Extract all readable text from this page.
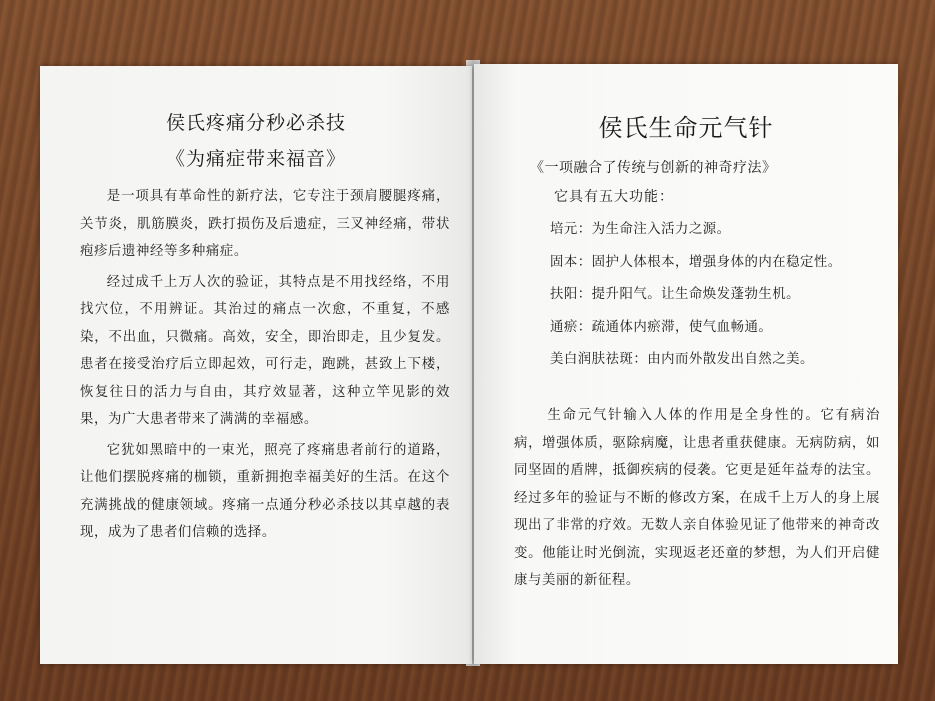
侯氏疼痛分秒必杀技
《为痛症带来福音》

是一项具有革命性的新疗法，它专注于颈肩腰腿疼痛，关节炎，肌筋膜炎，跌打损伤及后遗症，三叉神经痛，带状疱疹后遗神经等多种痛症。

经过成千上万人次的验证，其特点是不用找经络，不用找穴位，不用辨证。其治过的痛点一次愈，不重复，不感染，不出血，只微痛。高效，安全，即治即走，且少复发。患者在接受治疗后立即起效，可行走，跑跳，甚致上下楼，恢复往日的活力与自由，其疗效显著，这种立竿见影的效果，为广大患者带来了满满的幸福感。

它犹如黑暗中的一束光，照亮了疼痛患者前行的道路，让他们摆脱疼痛的枷锁，重新拥抱幸福美好的生活。在这个充满挑战的健康领域。疼痛一点通分秒必杀技以其卓越的表现，成为了患者们信赖的选择。

侯氏生命元气针
《一项融合了传统与创新的神奇疗法》
它具有五大功能：
培元：为生命注入活力之源。
固本：固护人体根本，增强身体的内在稳定性。
扶阳：提升阳气。让生命焕发蓬勃生机。
通瘀：疏通体内瘀滞，使气血畅通。
美白润肤祛斑：由内而外散发出自然之美。

生命元气针输入人体的作用是全身性的。它有病治病，增强体质，驱除病魔，让患者重获健康。无病防病，如同坚固的盾牌，抵御疾病的侵袭。它更是延年益寿的法宝。经过多年的验证与不断的修改方案，在成千上万人的身上展现出了非常的疗效。无数人亲自体验见证了他带来的神奇改变。他能让时光倒流，实现返老还童的梦想，为人们开启健康与美丽的新征程。
